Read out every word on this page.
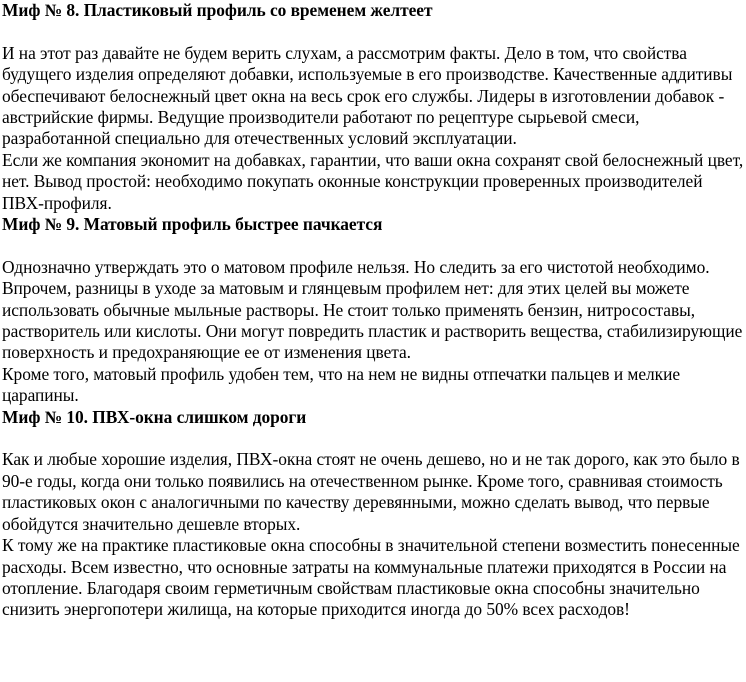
Миф № 8. Пластиковый профиль со временем желтеет

И на этот раз давайте не будем верить слухам, а рассмотрим факты. Дело в том, что свойства будущего изделия определяют добавки, используемые в его производстве. Качественные аддитивы обеспечивают белоснежный цвет окна на весь срок его службы. Лидеры в изготовлении добавок - австрийские фирмы. Ведущие производители работают по рецептуре сырьевой смеси, разработанной специально для отечественных условий эксплуатации.

Если же компания экономит на добавках, гарантии, что ваши окна сохранят свой белоснежный цвет, нет. Вывод простой: необходимо покупать оконные конструкции проверенных производителей ПВХ-профиля.

Миф № 9. Матовый профиль быстрее пачкается

Однозначно утверждать это о матовом профиле нельзя. Но следить за его чистотой необходимо. Впрочем, разницы в уходе за матовым и глянцевым профилем нет: для этих целей вы можете использовать обычные мыльные растворы. Не стоит только применять бензин, нитросоставы, растворитель или кислоты. Они могут повредить пластик и растворить вещества, стабилизирующие поверхность и предохраняющие ее от изменения цвета.

Кроме того, матовый профиль удобен тем, что на нем не видны отпечатки пальцев и мелкие царапины.

Миф № 10. ПВХ-окна слишком дороги

Как и любые хорошие изделия, ПВХ-окна стоят не очень дешево, но и не так дорого, как это было в 90-е годы, когда они только появились на отечественном рынке. Кроме того, сравнивая стоимость пластиковых окон с аналогичными по качеству деревянными, можно сделать вывод, что первые обойдутся значительно дешевле вторых.

К тому же на практике пластиковые окна способны в значительной степени возместить понесенные расходы. Всем известно, что основные затраты на коммунальные платежи приходятся в России на отопление. Благодаря своим герметичным свойствам пластиковые окна способны значительно снизить энергопотери жилища, на которые приходится иногда до 50% всех расходов!
